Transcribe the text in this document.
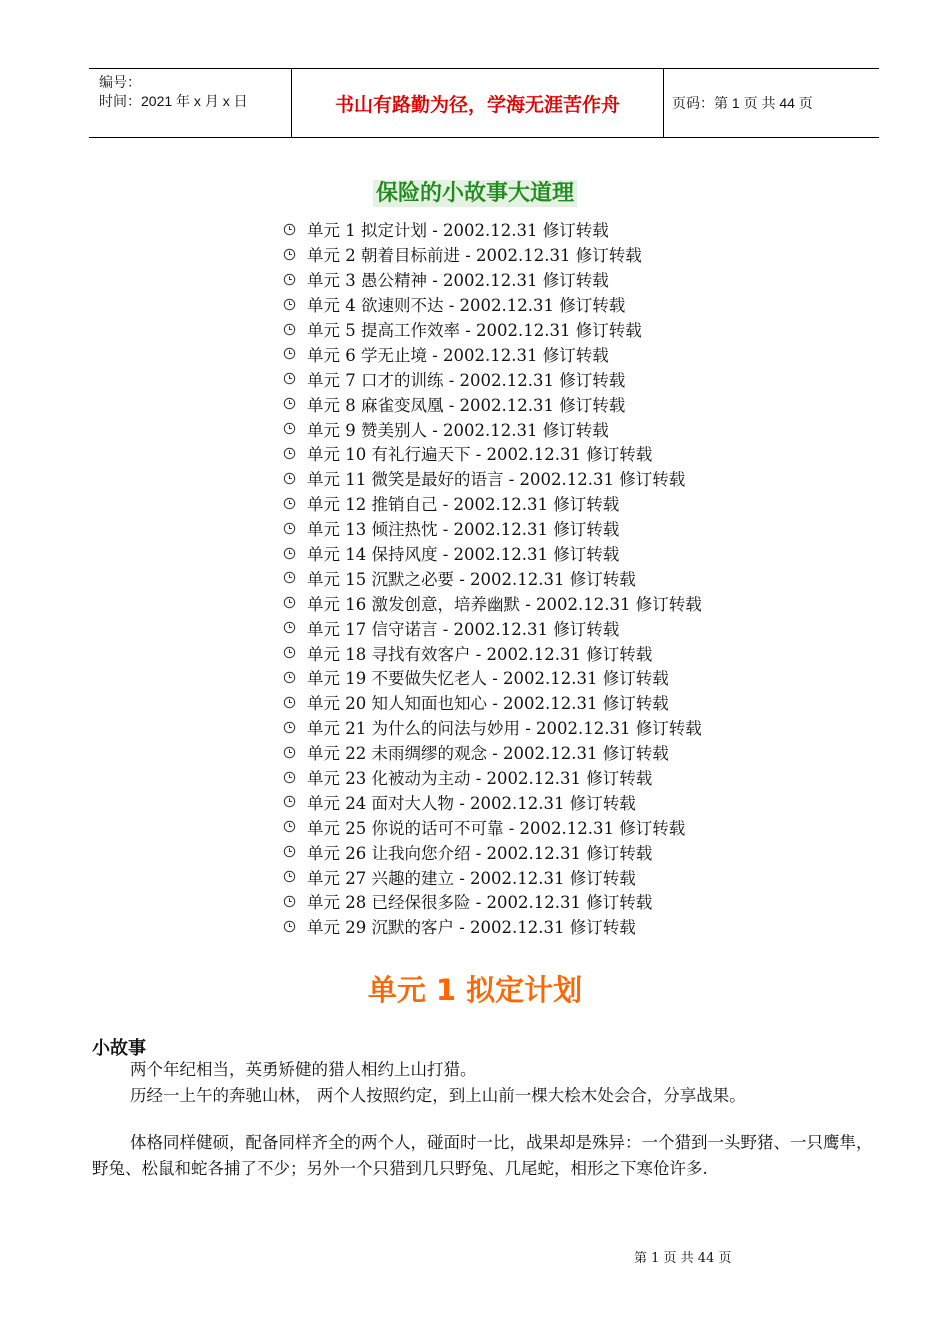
编号：
时间：2021 年 x 月 x 日	书山有路勤为径，学海无涯苦作舟	页码：第 1 页 共 44 页
保险的小故事大道理
单元 1 拟定计划 - 2002.12.31 修订转载
单元 2 朝着目标前进 - 2002.12.31 修订转载
单元 3 愚公精神 - 2002.12.31 修订转载
单元 4 欲速则不达 - 2002.12.31 修订转载
单元 5 提高工作效率 - 2002.12.31 修订转载
单元 6 学无止境 - 2002.12.31 修订转载
单元 7 口才的训练 - 2002.12.31 修订转载
单元 8 麻雀变凤凰 - 2002.12.31 修订转载
单元 9 赞美别人 - 2002.12.31 修订转载
单元 10 有礼行遍天下 - 2002.12.31 修订转载
单元 11 微笑是最好的语言 - 2002.12.31 修订转载
单元 12 推销自己 - 2002.12.31 修订转载
单元 13 倾注热忱 - 2002.12.31 修订转载
单元 14 保持风度 - 2002.12.31 修订转载
单元 15 沉默之必要 - 2002.12.31 修订转载
单元 16 激发创意，培养幽默 - 2002.12.31 修订转载
单元 17 信守诺言 - 2002.12.31 修订转载
单元 18 寻找有效客户 - 2002.12.31 修订转载
单元 19 不要做失忆老人 - 2002.12.31 修订转载
单元 20 知人知面也知心 - 2002.12.31 修订转载
单元 21 为什么的问法与妙用 - 2002.12.31 修订转载
单元 22 未雨绸缪的观念 - 2002.12.31 修订转载
单元 23 化被动为主动 - 2002.12.31 修订转载
单元 24 面对大人物 - 2002.12.31 修订转载
单元 25 你说的话可不可靠 - 2002.12.31 修订转载
单元 26 让我向您介绍 - 2002.12.31 修订转载
单元 27 兴趣的建立 - 2002.12.31 修订转载
单元 28 已经保很多险 - 2002.12.31 修订转载
单元 29 沉默的客户 - 2002.12.31 修订转载
单元 1 拟定计划
小故事

两个年纪相当，英勇矫健的猎人相约上山打猎。

历经一上午的奔驰山林， 两个人按照约定，到上山前一棵大桧木处会合，分享战果。

体格同样健硕，配备同样齐全的两个人，碰面时一比，战果却是殊异：一个猎到一头野猪、一只鹰隼，野兔、松鼠和蛇各捕了不少；另外一个只猎到几只野兔、几尾蛇，相形之下寒伧许多.

第 1 页 共 44 页
